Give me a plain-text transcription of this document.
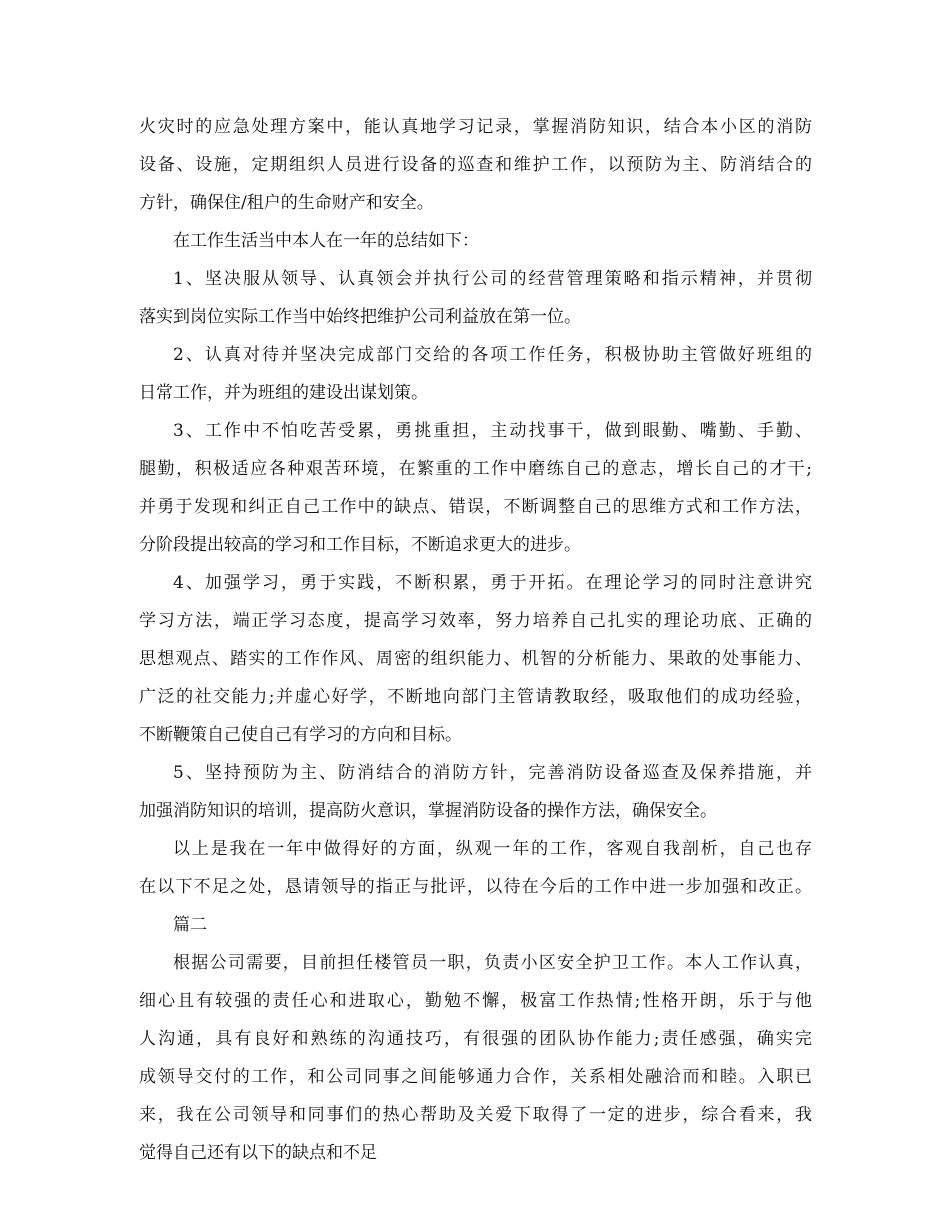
火灾时的应急处理方案中，能认真地学习记录，掌握消防知识，结合本小区的消防
设备、设施，定期组织人员进行设备的巡查和维护工作，以预防为主、防消结合的
方针，确保住/租户的生命财产和安全。
在工作生活当中本人在一年的总结如下：
1、坚决服从领导、认真领会并执行公司的经营管理策略和指示精神，并贯彻
落实到岗位实际工作当中始终把维护公司利益放在第一位。
2、认真对待并坚决完成部门交给的各项工作任务，积极协助主管做好班组的
日常工作，并为班组的建设出谋划策。
3、工作中不怕吃苦受累，勇挑重担，主动找事干，做到眼勤、嘴勤、手勤、
腿勤，积极适应各种艰苦环境，在繁重的工作中磨练自己的意志，增长自己的才干;
并勇于发现和纠正自己工作中的缺点、错误，不断调整自己的思维方式和工作方法，
分阶段提出较高的学习和工作目标，不断追求更大的进步。
4、加强学习，勇于实践，不断积累，勇于开拓。在理论学习的同时注意讲究
学习方法，端正学习态度，提高学习效率，努力培养自己扎实的理论功底、正确的
思想观点、踏实的工作作风、周密的组织能力、机智的分析能力、果敢的处事能力、
广泛的社交能力;并虚心好学，不断地向部门主管请教取经，吸取他们的成功经验，
不断鞭策自己使自己有学习的方向和目标。
5、坚持预防为主、防消结合的消防方针，完善消防设备巡查及保养措施，并
加强消防知识的培训，提高防火意识，掌握消防设备的操作方法，确保安全。
以上是我在一年中做得好的方面，纵观一年的工作，客观自我剖析，自己也存
在以下不足之处，恳请领导的指正与批评，以待在今后的工作中进一步加强和改正。
篇二
根据公司需要，目前担任楼管员一职，负责小区安全护卫工作。本人工作认真，
细心且有较强的责任心和进取心，勤勉不懈，极富工作热情;性格开朗，乐于与他
人沟通，具有良好和熟练的沟通技巧，有很强的团队协作能力;责任感强，确实完
成领导交付的工作，和公司同事之间能够通力合作，关系相处融洽而和睦。入职已
来，我在公司领导和同事们的热心帮助及关爱下取得了一定的进步，综合看来，我
觉得自己还有以下的缺点和不足
